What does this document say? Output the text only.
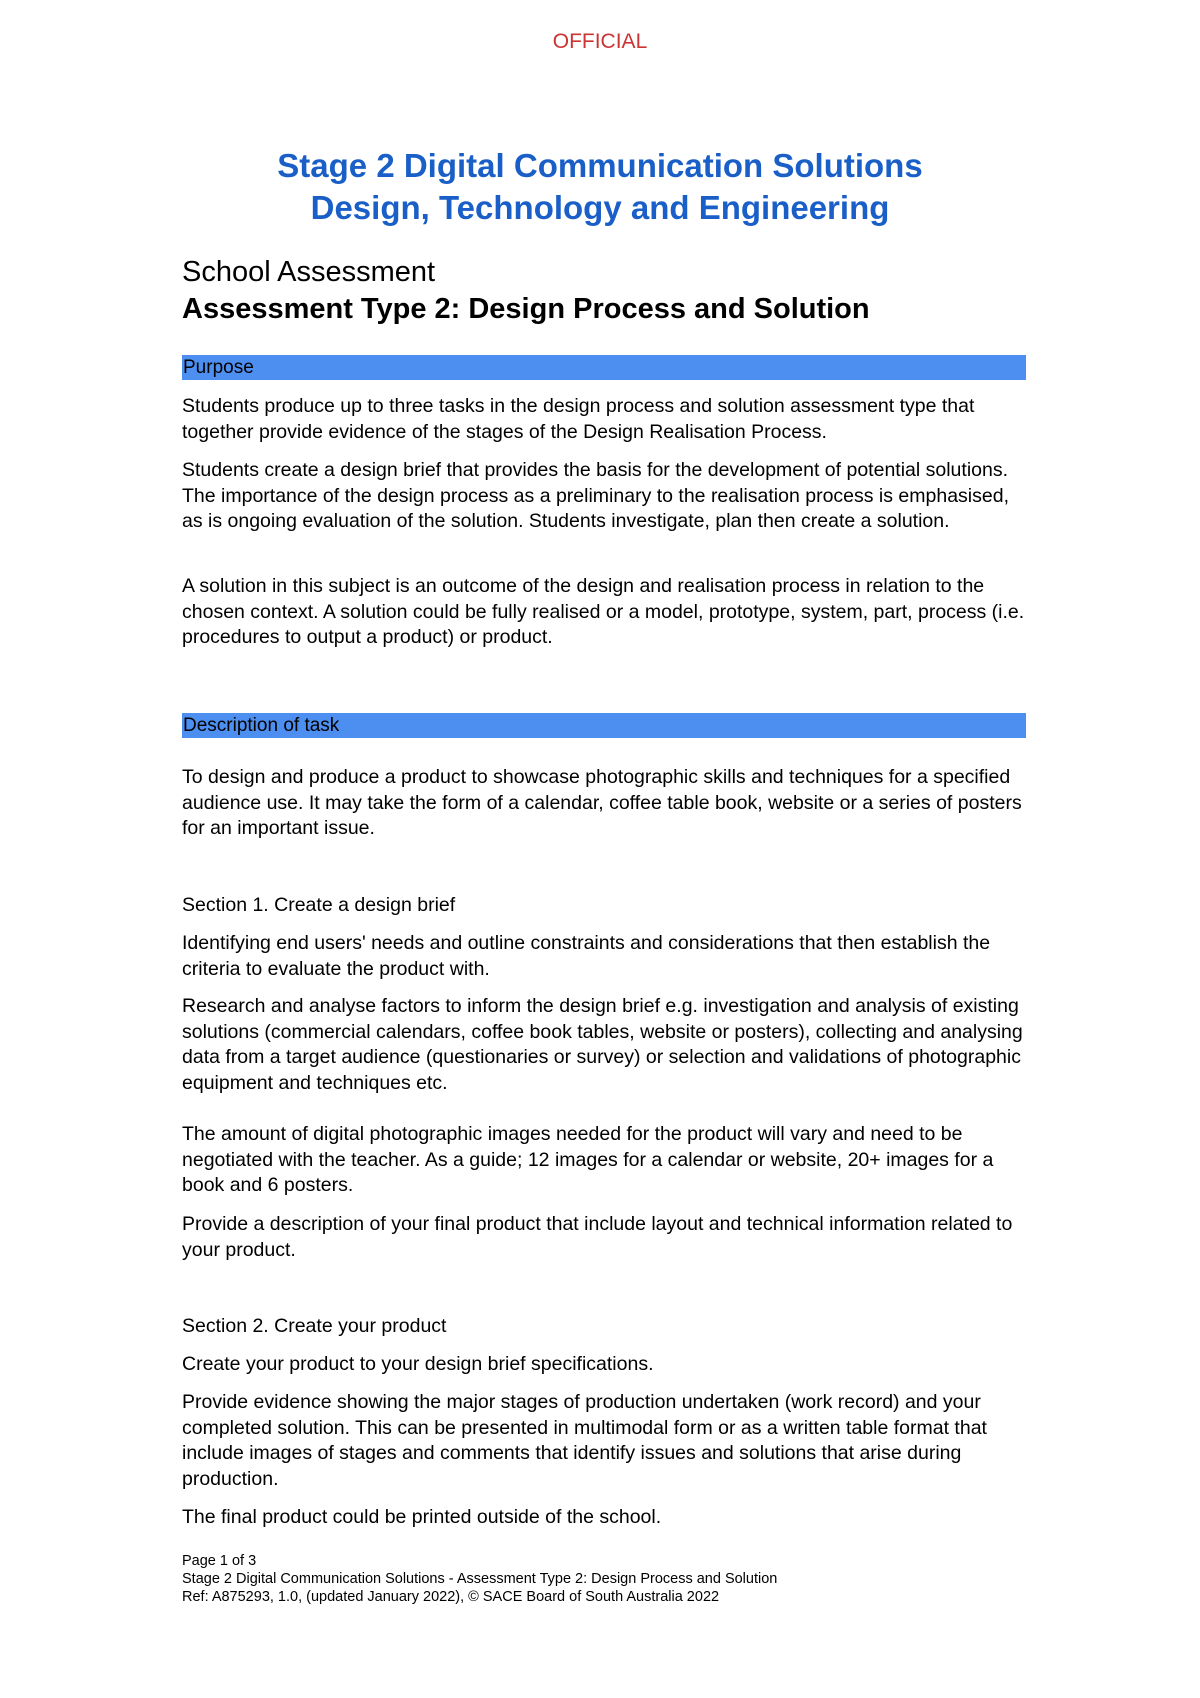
OFFICIAL
Stage 2 Digital Communication Solutions
Design, Technology and Engineering
School Assessment
Assessment Type 2: Design Process and Solution
Purpose
Students produce up to three tasks in the design process and solution assessment type that together provide evidence of the stages of the Design Realisation Process.
Students create a design brief that provides the basis for the development of potential solutions. The importance of the design process as a preliminary to the realisation process is emphasised, as is ongoing evaluation of the solution. Students investigate, plan then create a solution.
A solution in this subject is an outcome of the design and realisation process in relation to the chosen context. A solution could be fully realised or a model, prototype, system, part, process (i.e. procedures to output a product) or product.
Description of task
To design and produce a product to showcase photographic skills and techniques for a specified audience use. It may take the form of a calendar, coffee table book, website or a series of posters for an important issue.
Section 1. Create a design brief
Identifying end users' needs and outline constraints and considerations that then establish the criteria to evaluate the product with.
Research and analyse factors to inform the design brief e.g. investigation and analysis of existing solutions (commercial calendars, coffee book tables, website or posters), collecting and analysing data from a target audience (questionaries or survey) or selection and validations of photographic equipment and techniques etc.
The amount of digital photographic images needed for the product will vary and need to be negotiated with the teacher. As a guide; 12 images for a calendar or website, 20+ images for a book and 6 posters.
Provide a description of your final product that include layout and technical information related to your product.
Section 2. Create your product
Create your product to your design brief specifications.
Provide evidence showing the major stages of production undertaken (work record) and your completed solution. This can be presented in multimodal form or as a written table format that include images of stages and comments that identify issues and solutions that arise during production.
The final product could be printed outside of the school.
Page 1 of 3
Stage 2 Digital Communication Solutions - Assessment Type 2: Design Process and Solution
Ref: A875293, 1.0, (updated January 2022), © SACE Board of South Australia 2022
